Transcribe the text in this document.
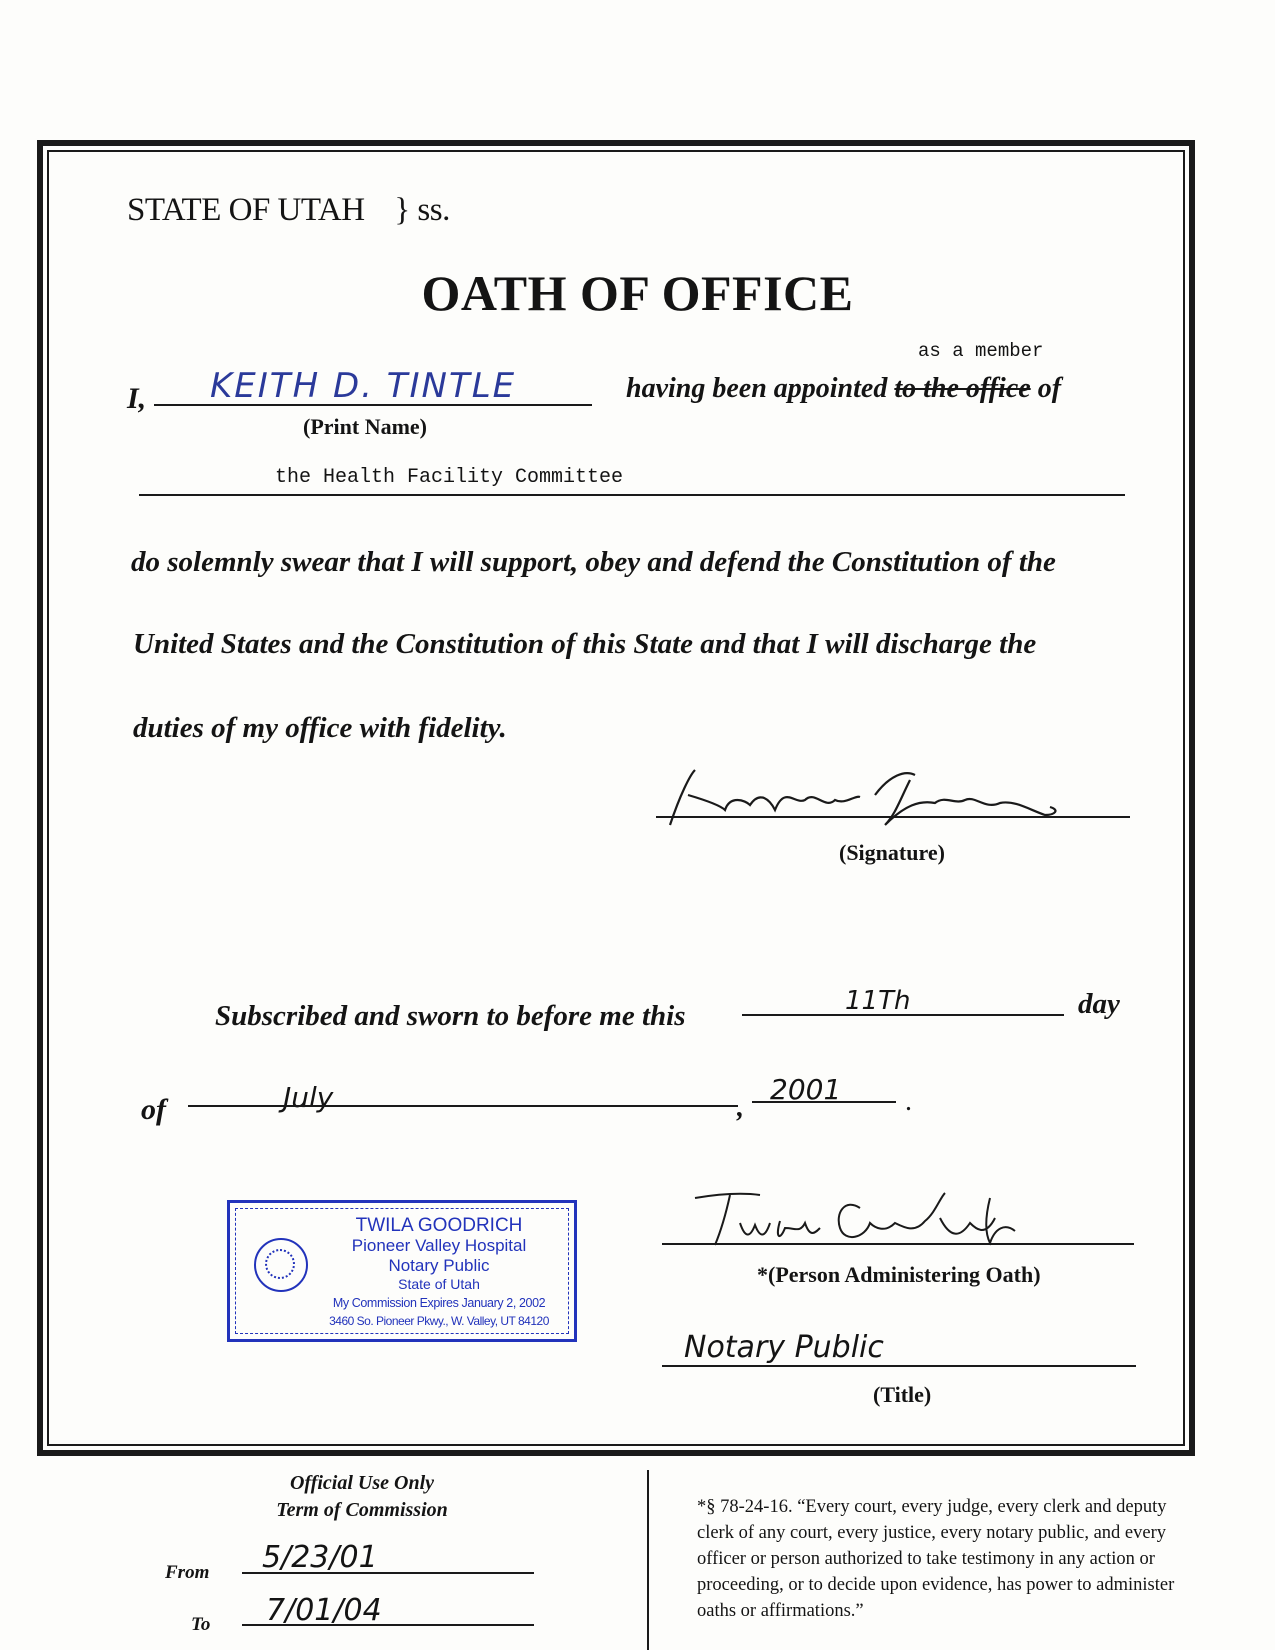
STATE OF UTAH } ss.
OATH OF OFFICE
I, KEITH D. TINTLE
(Print Name)
as a member
having been appointed to the office of
the Health Facility Committee
do solemnly swear that I will support, obey and defend the Constitution of the
United States and the Constitution of this State and that I will discharge the
duties of my office with fidelity.
(Signature)
Subscribed and sworn to before me this	11Th	day
of	July	,
2001 .
TWILA GOODRICH
Pioneer Valley Hospital
Notary Public
State of Utah
My Commission Expires January 2, 2002
3460 So. Pioneer Pkwy., W. Valley, UT 84120
*(Person Administering Oath)
Notary Public
(Title)
Official Use Only
Term of Commission
From 5/23/01
To 7/01/04
*§ 78-24-16. “Every court, every judge, every clerk and deputy clerk of any court, every justice, every notary public, and every officer or person authorized to take testimony in any action or proceeding, or to decide upon evidence, has power to administer oaths or affirmations.”
